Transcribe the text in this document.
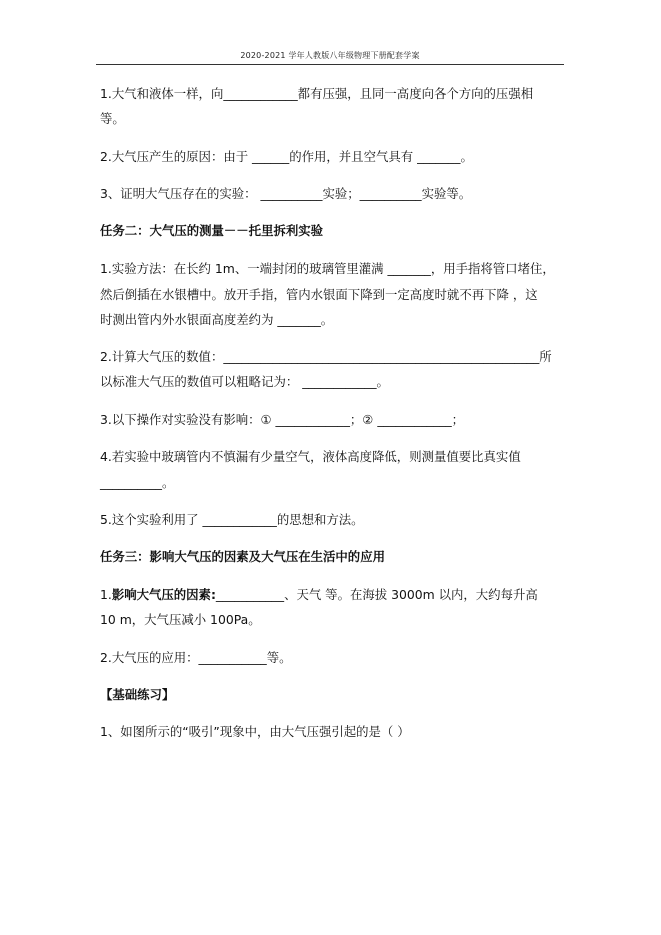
2020-2021 学年人教版八年级物理下册配套学案
1.大气和液体一样，向____________都有压强，且同一高度向各个方向的压强相
等。
2.大气压产生的原因：由于 ______的作用，并且空气具有 _______。
3、证明大气压存在的实验： __________实验；__________实验等。
任务二：大气压的测量－－托里拆利实验
1.实验方法：在长约 1m、一端封闭的玻璃管里灌满 _______，用手指将管口堵住，
然后倒插在水银槽中。放开手指，管内水银面下降到一定高度时就不再下降 ，这
时测出管内外水银面高度差约为 _______。
2.计算大气压的数值：___________________________________________________所
以标准大气压的数值可以粗略记为： ____________。
3.以下操作对实验没有影响：① ____________；② ____________；
4.若实验中玻璃管内不慎漏有少量空气，液体高度降低，则测量值要比真实值
__________。
5.这个实验利用了 ____________的思想和方法。
任务三：影响大气压的因素及大气压在生活中的应用
1.影响大气压的因素:___________、天气 等。在海拔 3000m 以内，大约每升高
10 m，大气压减小 100Pa。
2.大气压的应用：___________等。
【基础练习】
1、如图所示的“吸引”现象中，由大气压强引起的是（ ）
